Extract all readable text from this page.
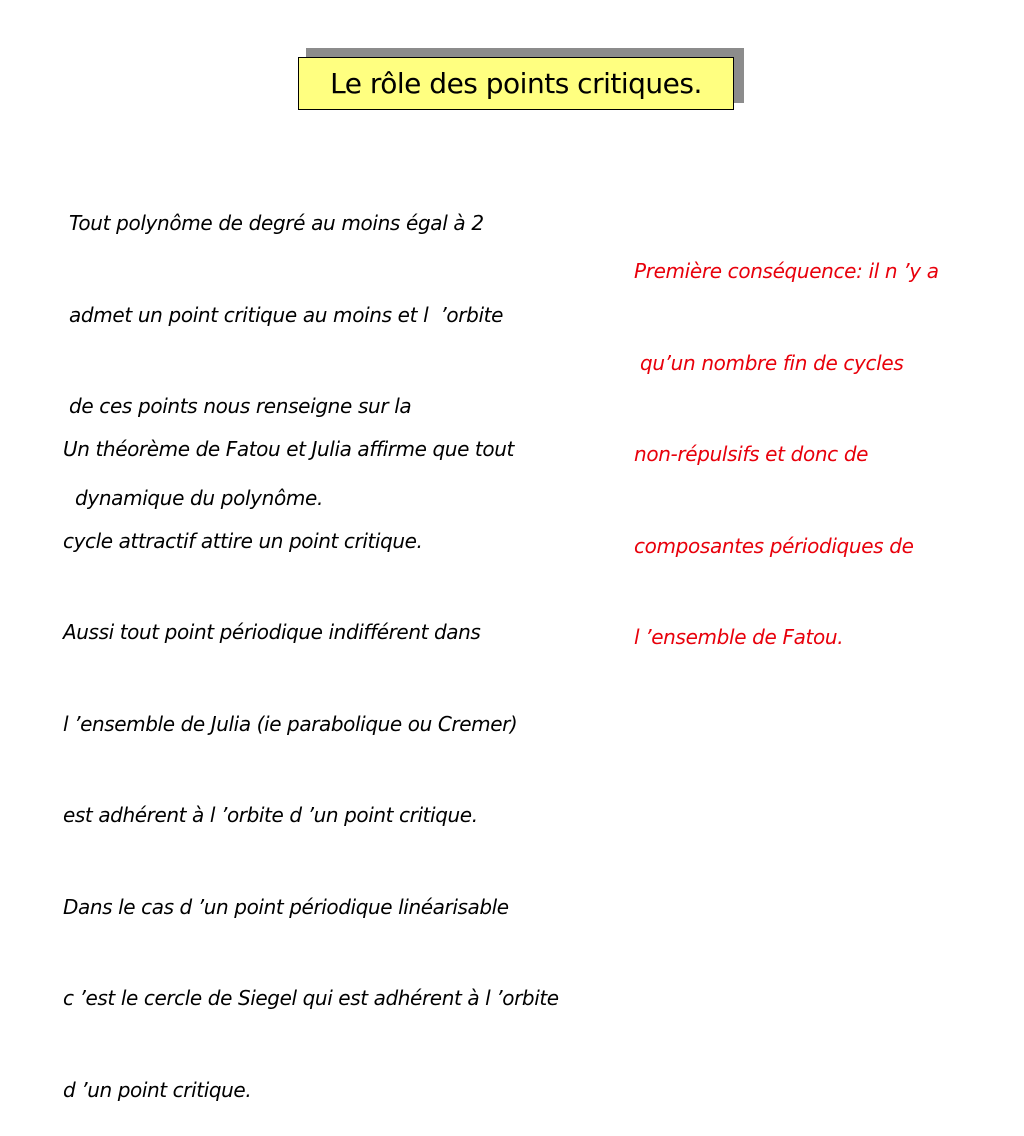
Le rôle des points critiques.

Tout polynôme de degré au moins égal à 2

admet un point critique au moins et l  ’orbite

de ces points nous renseigne sur la

dynamique du polynôme.

Première conséquence: il n ’y a

qu’un nombre fin de cycles

non-répulsifs et donc de

composantes périodiques de

l ’ensemble de Fatou.

Un théorème de Fatou et Julia affirme que tout

cycle attractif attire un point critique.

Aussi tout point périodique indifférent dans

l ’ensemble de Julia (ie parabolique ou Cremer)

est adhérent à l ’orbite d ’un point critique.

Dans le cas d ’un point périodique linéarisable

c ’est le cercle de Siegel qui est adhérent à l ’orbite

d ’un point critique.
